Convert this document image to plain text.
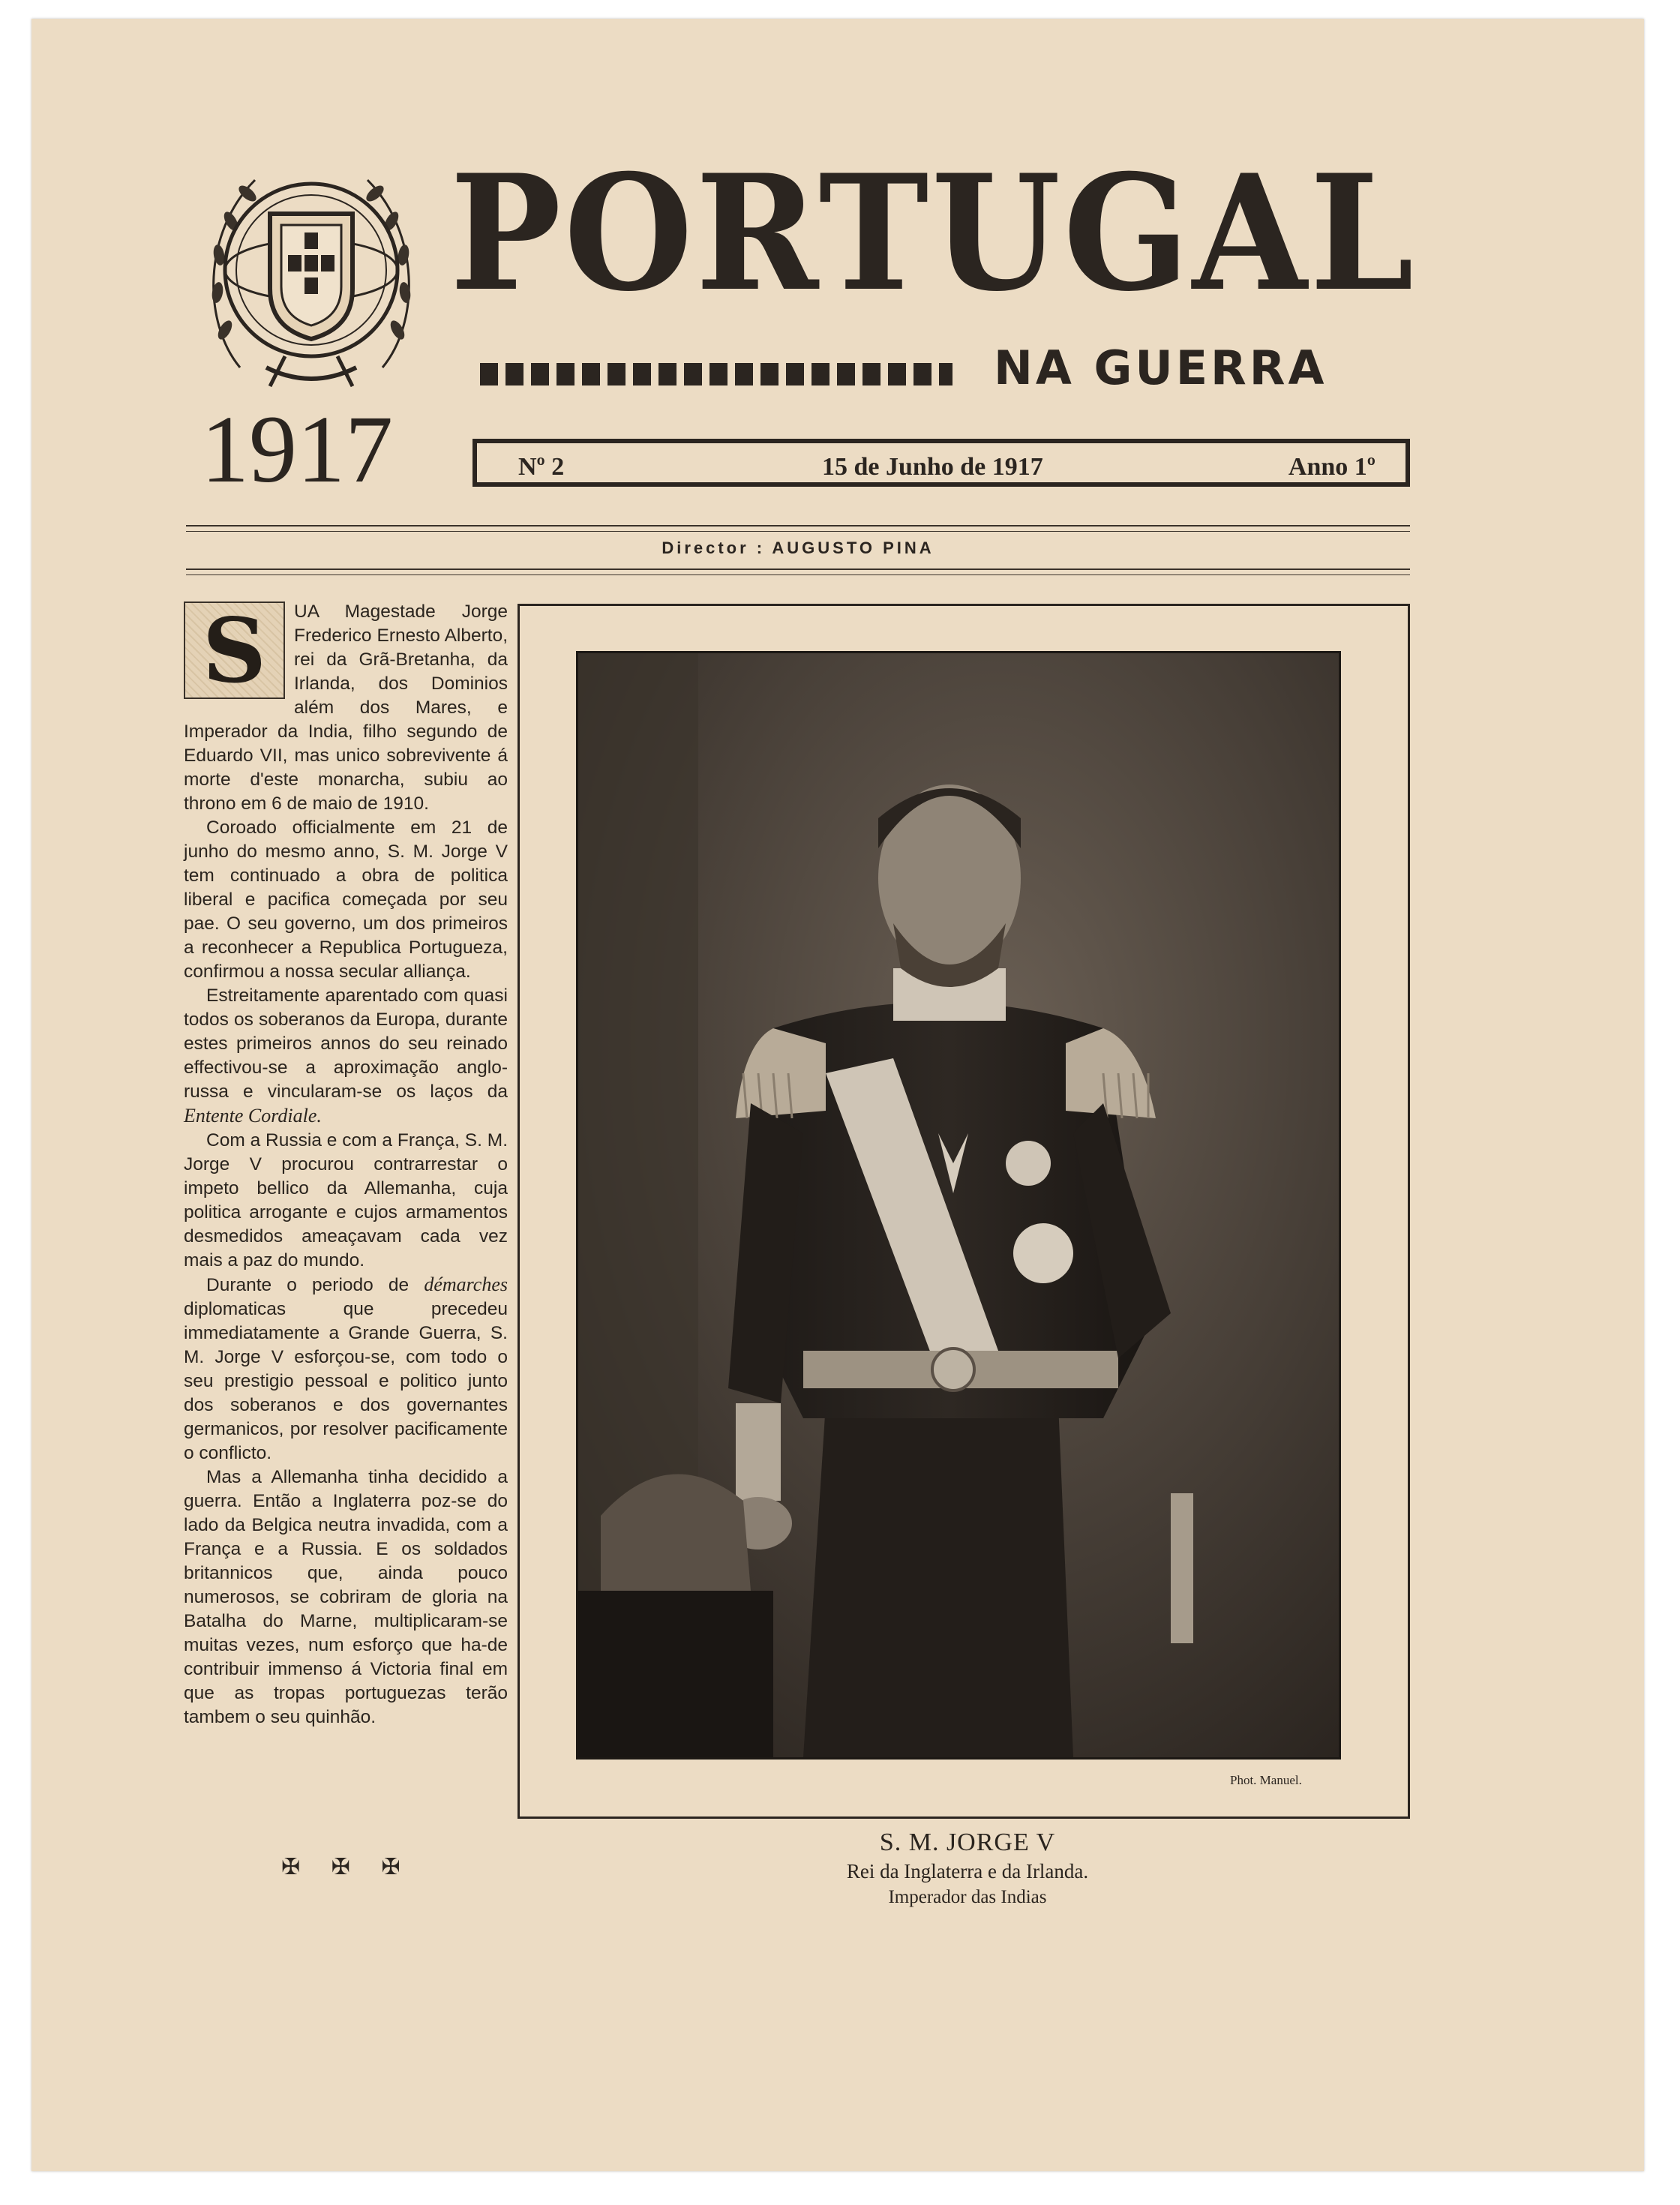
PORTUGAL
NA GUERRA
1917	Nº 2	15 de Junho de 1917	Anno 1º
Director : AUGUSTO PINA

S	UA Magestade Jorge Frederico Ernesto Alberto, rei da Grã-Bretanha, da Irlanda, dos Dominios além dos Mares, e Imperador da India, filho segundo de Eduardo VII, mas unico sobrevivente á morte d'este monarcha, subiu ao throno em 6 de maio de 1910.

Coroado officialmente em 21 de junho do mesmo anno, S. M. Jorge V tem continuado a obra de politica liberal e pacifica começada por seu pae. O seu governo, um dos primeiros a reconhecer a Republica Portugueza, confirmou a nossa secular alliança.

Estreitamente aparentado com quasi todos os soberanos da Europa, durante estes primeiros annos do seu reinado effectivou-se a aproximação anglo-russa e vincularam-se os laços da Entente Cordiale.

Com a Russia e com a França, S. M. Jorge V procurou contrarrestar o impeto bellico da Allemanha, cuja politica arrogante e cujos armamentos desmedidos ameaçavam cada vez mais a paz do mundo.

Durante o periodo de démarches diplomaticas que precedeu immediatamente a Grande Guerra, S. M. Jorge V esforçou-se, com todo o seu prestigio pessoal e politico junto dos soberanos e dos governantes germanicos, por resolver pacificamente o conflicto.

Mas a Allemanha tinha decidido a guerra. Então a Inglaterra poz-se do lado da Belgica neutra invadida, com a França e a Russia. E os soldados britannicos que, ainda pouco numerosos, se cobriram de gloria na Batalha do Marne, multiplicaram-se muitas vezes, num esforço que ha-de contribuir immenso á Victoria final em que as tropas portuguezas terão tambem o seu quinhão.

✠ ✠ ✠
Phot. Manuel.
S. M. JORGE V
Rei da Inglaterra e da Irlanda.
Imperador das Indias
